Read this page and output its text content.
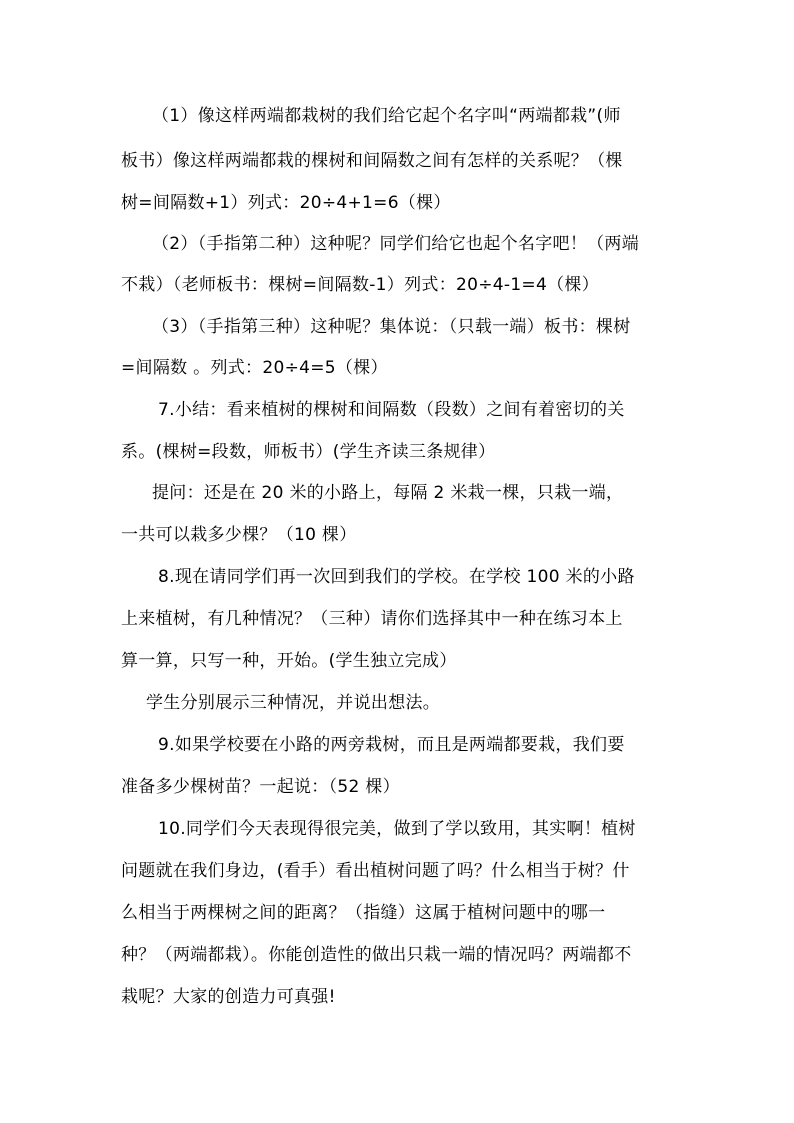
（1）像这样两端都栽树的我们给它起个名字叫“两端都栽”(师
板书）像这样两端都栽的棵树和间隔数之间有怎样的关系呢？（棵
树=间隔数+1）列式：20÷4+1=6（棵）
（2）（手指第二种）这种呢？同学们给它也起个名字吧！（两端
不栽）（老师板书：棵树=间隔数-1）列式：20÷4-1=4（棵）
（3）（手指第三种）这种呢？集体说：（只载一端）板书：棵树
=间隔数 。列式：20÷4=5（棵）
7.小结：看来植树的棵树和间隔数（段数）之间有着密切的关
系。(棵树=段数，师板书）(学生齐读三条规律）
提问：还是在 20 米的小路上，每隔 2 米栽一棵，只栽一端，
一共可以栽多少棵？（10 棵）
8.现在请同学们再一次回到我们的学校。在学校 100 米的小路
上来植树，有几种情况？（三种）请你们选择其中一种在练习本上
算一算，只写一种，开始。(学生独立完成）
学生分别展示三种情况，并说出想法。
9.如果学校要在小路的两旁栽树，而且是两端都要栽，我们要
准备多少棵树苗？一起说：（52 棵）
10.同学们今天表现得很完美，做到了学以致用，其实啊！植树
问题就在我们身边，(看手）看出植树问题了吗？什么相当于树？什
么相当于两棵树之间的距离？（指缝）这属于植树问题中的哪一
种？（两端都栽）。你能创造性的做出只栽一端的情况吗？两端都不
栽呢？大家的创造力可真强!
